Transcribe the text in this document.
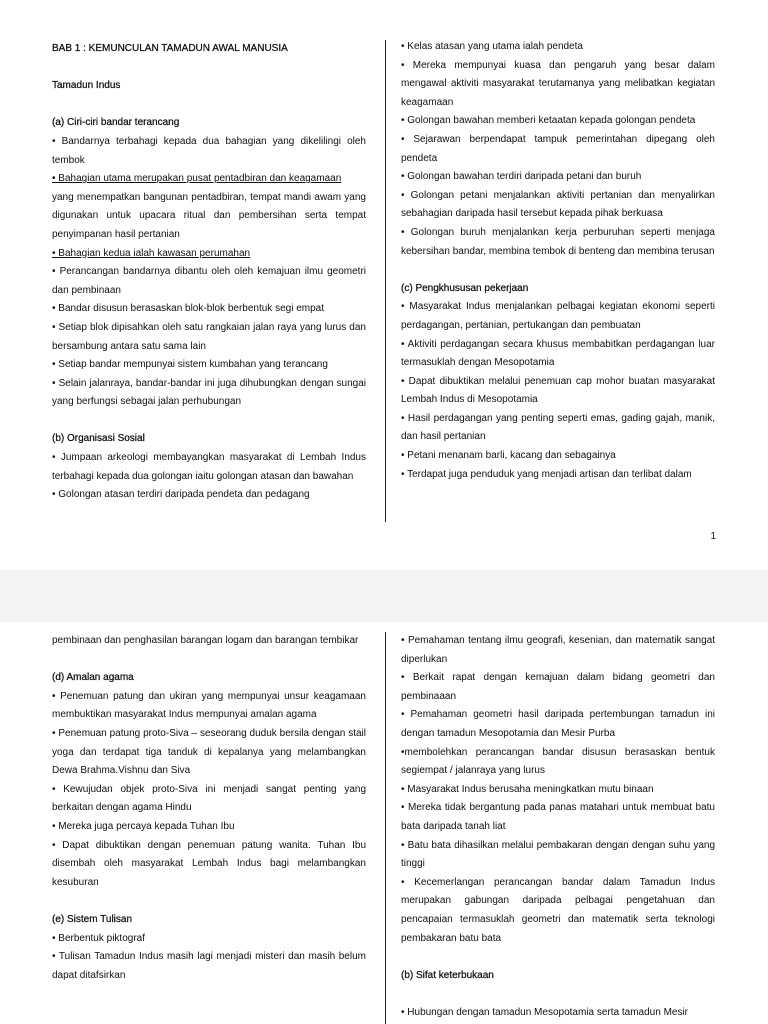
BAB 1 : KEMUNCULAN TAMADUN AWAL MANUSIA

Tamadun Indus

(a) Ciri-ciri bandar terancang

• Bandarnya terbahagi kepada dua bahagian yang dikelilingi oleh tembok

• Bahagian utama merupakan pusat pentadbiran dan keagamaan

yang menempatkan bangunan pentadbiran, tempat mandi awam yang digunakan untuk upacara ritual dan pembersihan serta tempat penyimpanan hasil pertanian

• Bahagian kedua ialah kawasan perumahan

• Perancangan bandarnya dibantu oleh oleh kemajuan ilmu geometri dan pembinaan

• Bandar disusun berasaskan blok-blok berbentuk segi empat

• Setiap blok dipisahkan oleh satu rangkaian jalan raya yang lurus dan bersambung antara satu sama lain

• Setiap bandar mempunyai sistem kumbahan yang terancang

• Selain jalanraya, bandar-bandar ini juga dihubungkan dengan sungai yang berfungsi sebagai jalan perhubungan

(b) Organisasi Sosial

• Jumpaan arkeologi membayangkan masyarakat di Lembah Indus terbahagi kepada dua golongan iaitu golongan atasan dan bawahan

• Golongan atasan terdiri daripada pendeta dan pedagang

• Kelas atasan yang utama ialah pendeta

• Mereka mempunyai kuasa dan pengaruh yang besar dalam mengawal aktiviti masyarakat terutamanya yang melibatkan kegiatan keagamaan

• Golongan bawahan memberi ketaatan kepada golongan pendeta

• Sejarawan berpendapat tampuk pemerintahan dipegang oleh pendeta

• Golongan bawahan terdiri daripada petani dan buruh

• Golongan petani menjalankan aktiviti pertanian dan menyalirkan sebahagian daripada hasil tersebut kepada pihak berkuasa

• Golongan buruh menjalankan kerja perburuhan seperti menjaga kebersihan bandar, membina tembok di benteng dan membina terusan

(c) Pengkhususan pekerjaan

• Masyarakat Indus menjalankan pelbagai kegiatan ekonomi seperti perdagangan, pertanian, pertukangan dan pembuatan

• Aktiviti perdagangan secara khusus membabitkan perdagangan luar termasuklah dengan Mesopotamia

• Dapat dibuktikan melalui penemuan cap mohor buatan masyarakat Lembah Indus di Mesopotamia

• Hasil perdagangan yang penting seperti emas, gading gajah, manik, dan hasil pertanian

• Petani menanam barli, kacang dan sebagainya

• Terdapat juga penduduk yang menjadi artisan dan terlibat dalam

1

pembinaan dan penghasilan barangan logam dan barangan tembikar

(d) Amalan agama

• Penemuan patung dan ukiran yang mempunyai unsur keagamaan membuktikan masyarakat Indus mempunyai amalan agama

• Penemuan patung proto-Siva – seseorang duduk bersila dengan stail yoga dan terdapat tiga tanduk di kepalanya yang melambangkan Dewa Brahma.Vishnu dan Siva

• Kewujudan objek proto-Siva ini menjadi sangat penting yang berkaitan dengan agama Hindu

• Mereka juga percaya kepada Tuhan Ibu

• Dapat dibuktikan dengan penemuan patung wanita. Tuhan Ibu disembah oleh masyarakat Lembah Indus bagi melambangkan kesuburan

(e) Sistem Tulisan

• Berbentuk piktograf

• Tulisan Tamadun Indus masih lagi menjadi misteri dan masih belum dapat ditafsirkan

• Pemahaman tentang ilmu geografi, kesenian, dan matematik sangat diperlukan

• Berkait rapat dengan kemajuan dalam bidang geometri dan pembinaaan

• Pemahaman geometri hasil daripada pertembungan tamadun ini dengan tamadun Mesopotamia dan Mesir Purba

•membolehkan perancangan bandar disusun berasaskan bentuk segiempat / jalanraya yang lurus

• Masyarakat Indus berusaha meningkatkan mutu binaan

• Mereka tidak bergantung pada panas matahari untuk membuat batu bata daripada tanah liat

• Batu bata dihasilkan melalui pembakaran dengan dengan suhu yang tinggi

• Kecemerlangan perancangan bandar dalam Tamadun Indus merupakan gabungan daripada pelbagai pengetahuan dan pencapaian termasuklah geometri dan matematik serta teknologi pembakaran batu bata

(b) Sifat keterbukaan

• Hubungan dengan tamadun Mesopotamia serta tamadun Mesir
